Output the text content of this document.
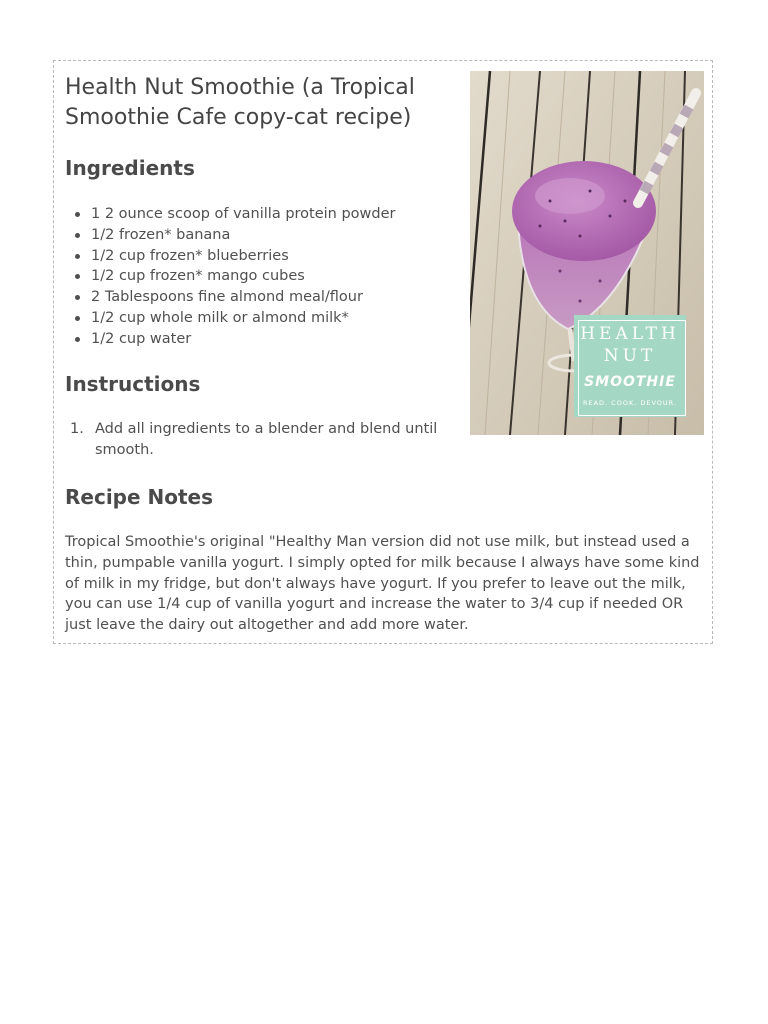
Health Nut Smoothie (a Tropical Smoothie Cafe copy-cat recipe)
Ingredients
1 2 ounce scoop of vanilla protein powder
1/2 frozen* banana
1/2 cup frozen* blueberries
1/2 cup frozen* mango cubes
2 Tablespoons fine almond meal/flour
1/2 cup whole milk or almond milk*
1/2 cup water
Instructions
1. Add all ingredients to a blender and blend until smooth.
Recipe Notes

Tropical Smoothie's original "Healthy Man version did not use milk, but instead used a thin, pumpable vanilla yogurt. I simply opted for milk because I always have some kind of milk in my fridge, but don't always have yogurt. If you prefer to leave out the milk, you can use 1/4 cup of vanilla yogurt and increase the water to 3/4 cup if needed OR just leave the dairy out altogether and add more water.

HEALTH
NUT
SMOOTHIE
READ. COOK. DEVOUR.
